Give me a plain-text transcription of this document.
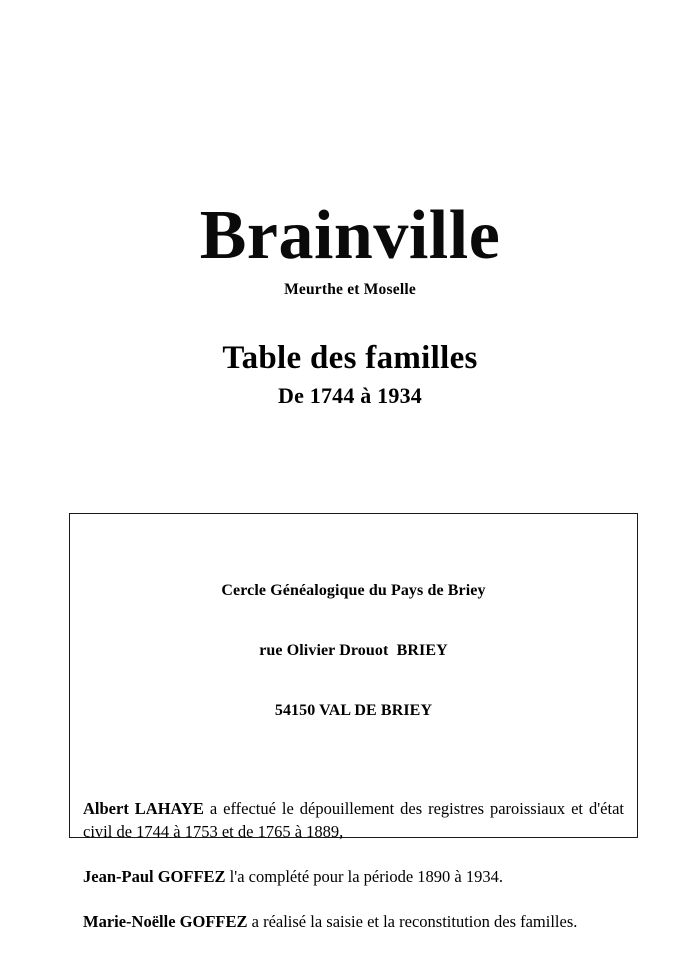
Brainville

Meurthe et Moselle

Table des familles

De 1744 à 1934

Cercle Généalogique du Pays de Briey

rue Olivier Drouot  BRIEY

54150 VAL DE BRIEY

Albert LAHAYE a effectué le dépouillement des registres paroissiaux et d'état civil de 1744 à 1753 et de 1765 à 1889,

Jean-Paul GOFFEZ l'a complété pour la période 1890 à 1934.

Marie-Noëlle GOFFEZ a réalisé la saisie et la reconstitution des familles.
